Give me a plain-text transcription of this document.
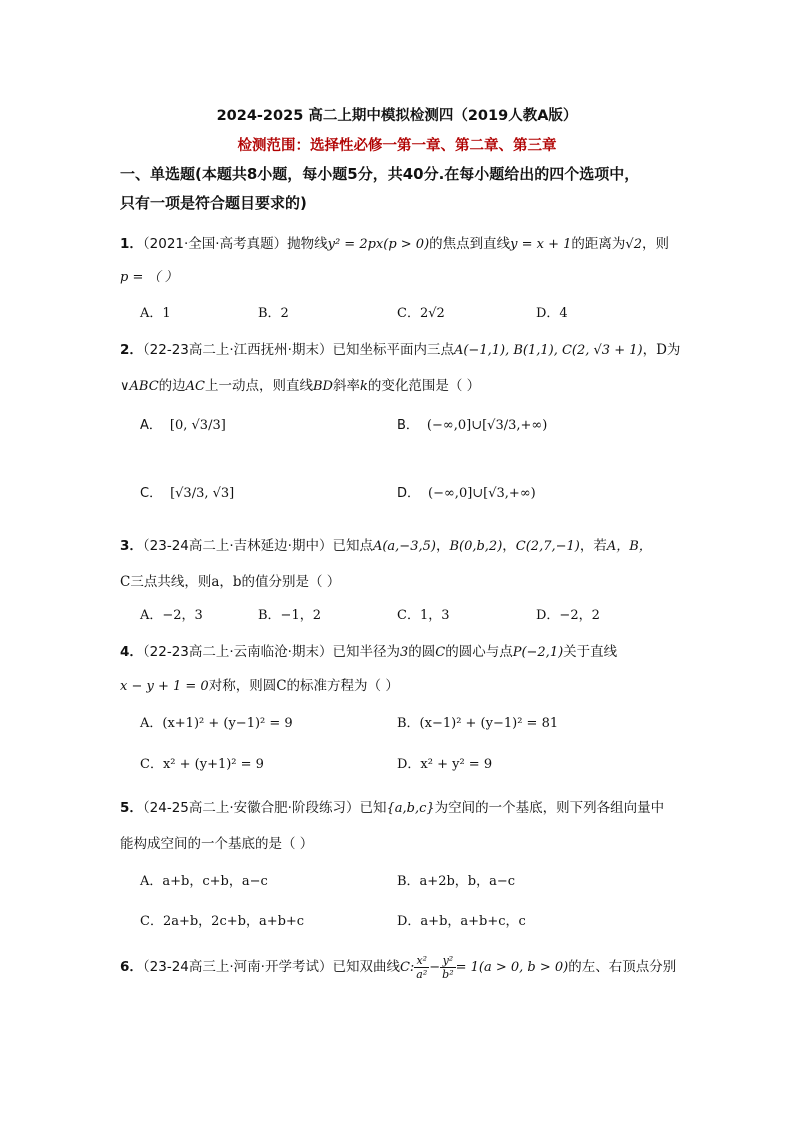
2024-2025 高二上期中模拟检测四（2019人教A版）
检测范围：选择性必修一第一章、第二章、第三章
一、单选题(本题共8小题，每小题5分，共40分.在每小题给出的四个选项中，
只有一项是符合题目要求的)
1．（2021·全国·高考真题）抛物线y² = 2px(p > 0)的焦点到直线y = x + 1的距离为√2，则
p = （ ）
A．1	B．2	C．2√2	D．4
2．（22-23高二上·江西抚州·期末）已知坐标平面内三点A(−1,1), B(1,1), C(2, √3 + 1)，D为
∨ABC的边AC上一动点，则直线BD斜率k的变化范围是（ ）
A． [0, √3/3]	B． (−∞,0]∪[√3/3,+∞)
C． [√3/3, √3]	D． (−∞,0]∪[√3,+∞)
3．（23-24高二上·吉林延边·期中）已知点A(a,−3,5)，B(0,b,2)，C(2,7,−1)，若A，B，
C三点共线，则a，b的值分别是（ ）
A．−2，3	B．−1，2	C．1，3	D．−2，2
4．（22-23高二上·云南临沧·期末）已知半径为3的圆C的圆心与点P(−2,1)关于直线
x − y + 1 = 0对称，则圆C的标准方程为（ ）
A．(x+1)² + (y−1)² = 9	B．(x−1)² + (y−1)² = 81
C．x² + (y+1)² = 9	D．x² + y² = 9
5．（24-25高二上·安徽合肥·阶段练习）已知{a,b,c}为空间的一个基底，则下列各组向量中
能构成空间的一个基底的是（ ）
A．a+b，c+b，a−c	B．a+2b，b，a−c
C．2a+b，2c+b，a+b+c	D．a+b，a+b+c，c
6．（23-24高三上·河南·开学考试）已知双曲线C: $\frac{\text{x²}}{\text{a²}} - \frac{\text{y²}}{\text{b²}} = 1(a > 0$, b > 0)的左、右顶点分别
